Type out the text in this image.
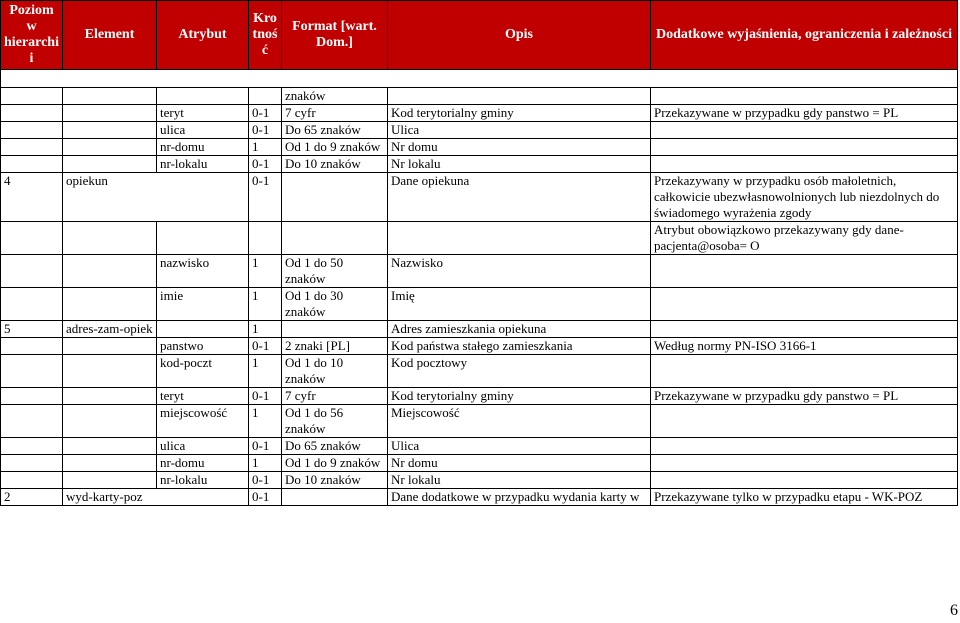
Poziom w hierarchii	Element	Atrybut	Krotność	Format [wart. Dom.]	Opis	Dodatkowe wyjaśnienia, ograniczenia i zależności

				znaków		
		teryt	0-1	7 cyfr	Kod terytorialny gminy	Przekazywane w przypadku gdy panstwo = PL
		ulica	0-1	Do 65 znaków	Ulica	
		nr-domu	1	Od 1 do 9 znaków	Nr domu	
		nr-lokalu	0-1	Do 10 znaków	Nr lokalu	
4	opiekun		0-1		Dane opiekuna	Przekazywany w przypadku osób małoletnich, całkowicie ubezwłasnowolnionych lub niezdolnych do świadomego wyrażenia zgody
						Atrybut obowiązkowo przekazywany gdy dane-pacjenta@osoba= O
		nazwisko	1	Od 1 do 50 znaków	Nazwisko	
		imie	1	Od 1 do 30 znaków	Imię	
5	adres-zam-opiek		1		Adres zamieszkania opiekuna	
		panstwo	0-1	2 znaki [PL]	Kod państwa stałego zamieszkania	Według normy PN-ISO 3166-1
		kod-poczt	1	Od 1 do 10 znaków	Kod pocztowy	
		teryt	0-1	7 cyfr	Kod terytorialny gminy	Przekazywane w przypadku gdy panstwo = PL
		miejscowość	1	Od 1 do 56 znaków	Miejscowość	
		ulica	0-1	Do 65 znaków	Ulica	
		nr-domu	1	Od 1 do 9 znaków	Nr domu	
		nr-lokalu	0-1	Do 10 znaków	Nr lokalu	
2	wyd-karty-poz		0-1		Dane dodatkowe w przypadku wydania karty w	Przekazywane tylko w przypadku etapu - WK-POZ
6
